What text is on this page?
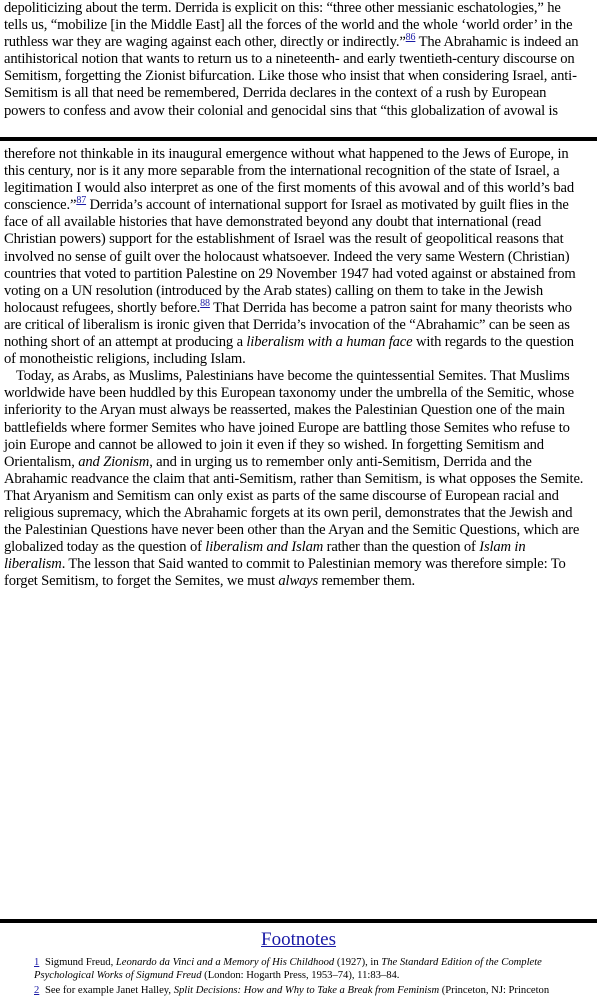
depoliticizing about the term. Derrida is explicit on this: “three other messianic eschatologies,” he tells us, “mobilize [in the Middle East] all the forces of the world and the whole ‘world order’ in the ruthless war they are waging against each other, directly or indirectly.”$^{86}$ The Abrahamic is indeed an antihistorical notion that wants to return us to a nineteenth- and early twentieth-century discourse on Semitism, forgetting the Zionist bifurcation. Like those who insist that when considering Israel, anti-Semitism is all that need be remembered, Derrida declares in the context of a rush by European powers to confess and avow their colonial and genocidal sins that “this globalization of avowal is

therefore not thinkable in its inaugural emergence without what happened to the Jews of Europe, in this century, nor is it any more separable from the international recognition of the state of Israel, a legitimation I would also interpret as one of the first moments of this avowal and of this world’s bad conscience.”$^{87}$ Derrida’s account of international support for Israel as motivated by guilt flies in the face of all available histories that have demonstrated beyond any doubt that international (read Christian powers) support for the establishment of Israel was the result of geopolitical reasons that involved no sense of guilt over the holocaust whatsoever. Indeed the very same Western (Christian) countries that voted to partition Palestine on 29 November 1947 had voted against or abstained from voting on a UN resolution (introduced by the Arab states) calling on them to take in the Jewish holocaust refugees, shortly before.$^{88}$ That Derrida has become a patron saint for many theorists who are critical of liberalism is ironic given that Derrida’s invocation of the “Abrahamic” can be seen as nothing short of an attempt at producing a liberalism with a human face with regards to the question of monotheistic religions, including Islam.

Today, as Arabs, as Muslims, Palestinians have become the quintessential Semites. That Muslims worldwide have been huddled by this European taxonomy under the umbrella of the Semitic, whose inferiority to the Aryan must always be reasserted, makes the Palestinian Question one of the main battlefields where former Semites who have joined Europe are battling those Semites who refuse to join Europe and cannot be allowed to join it even if they so wished. In forgetting Semitism and Orientalism, and Zionism, and in urging us to remember only anti-Semitism, Derrida and the Abrahamic readvance the claim that anti-Semitism, rather than Semitism, is what opposes the Semite. That Aryanism and Semitism can only exist as parts of the same discourse of European racial and religious supremacy, which the Abrahamic forgets at its own peril, demonstrates that the Jewish and the Palestinian Questions have never been other than the Aryan and the Semitic Questions, which are globalized today as the question of liberalism and Islam rather than the question of Islam in liberalism. The lesson that Said wanted to commit to Palestinian memory was therefore simple: To forget Semitism, to forget the Semites, we must always remember them.

Footnotes
1 Sigmund Freud, Leonardo da Vinci and a Memory of His Childhood (1927), in The Standard Edition of the Complete Psychological Works of Sigmund Freud (London: Hogarth Press, 1953–74), 11:83–84.
2 See for example Janet Halley, Split Decisions: How and Why to Take a Break from Feminism (Princeton, NJ: Princeton
